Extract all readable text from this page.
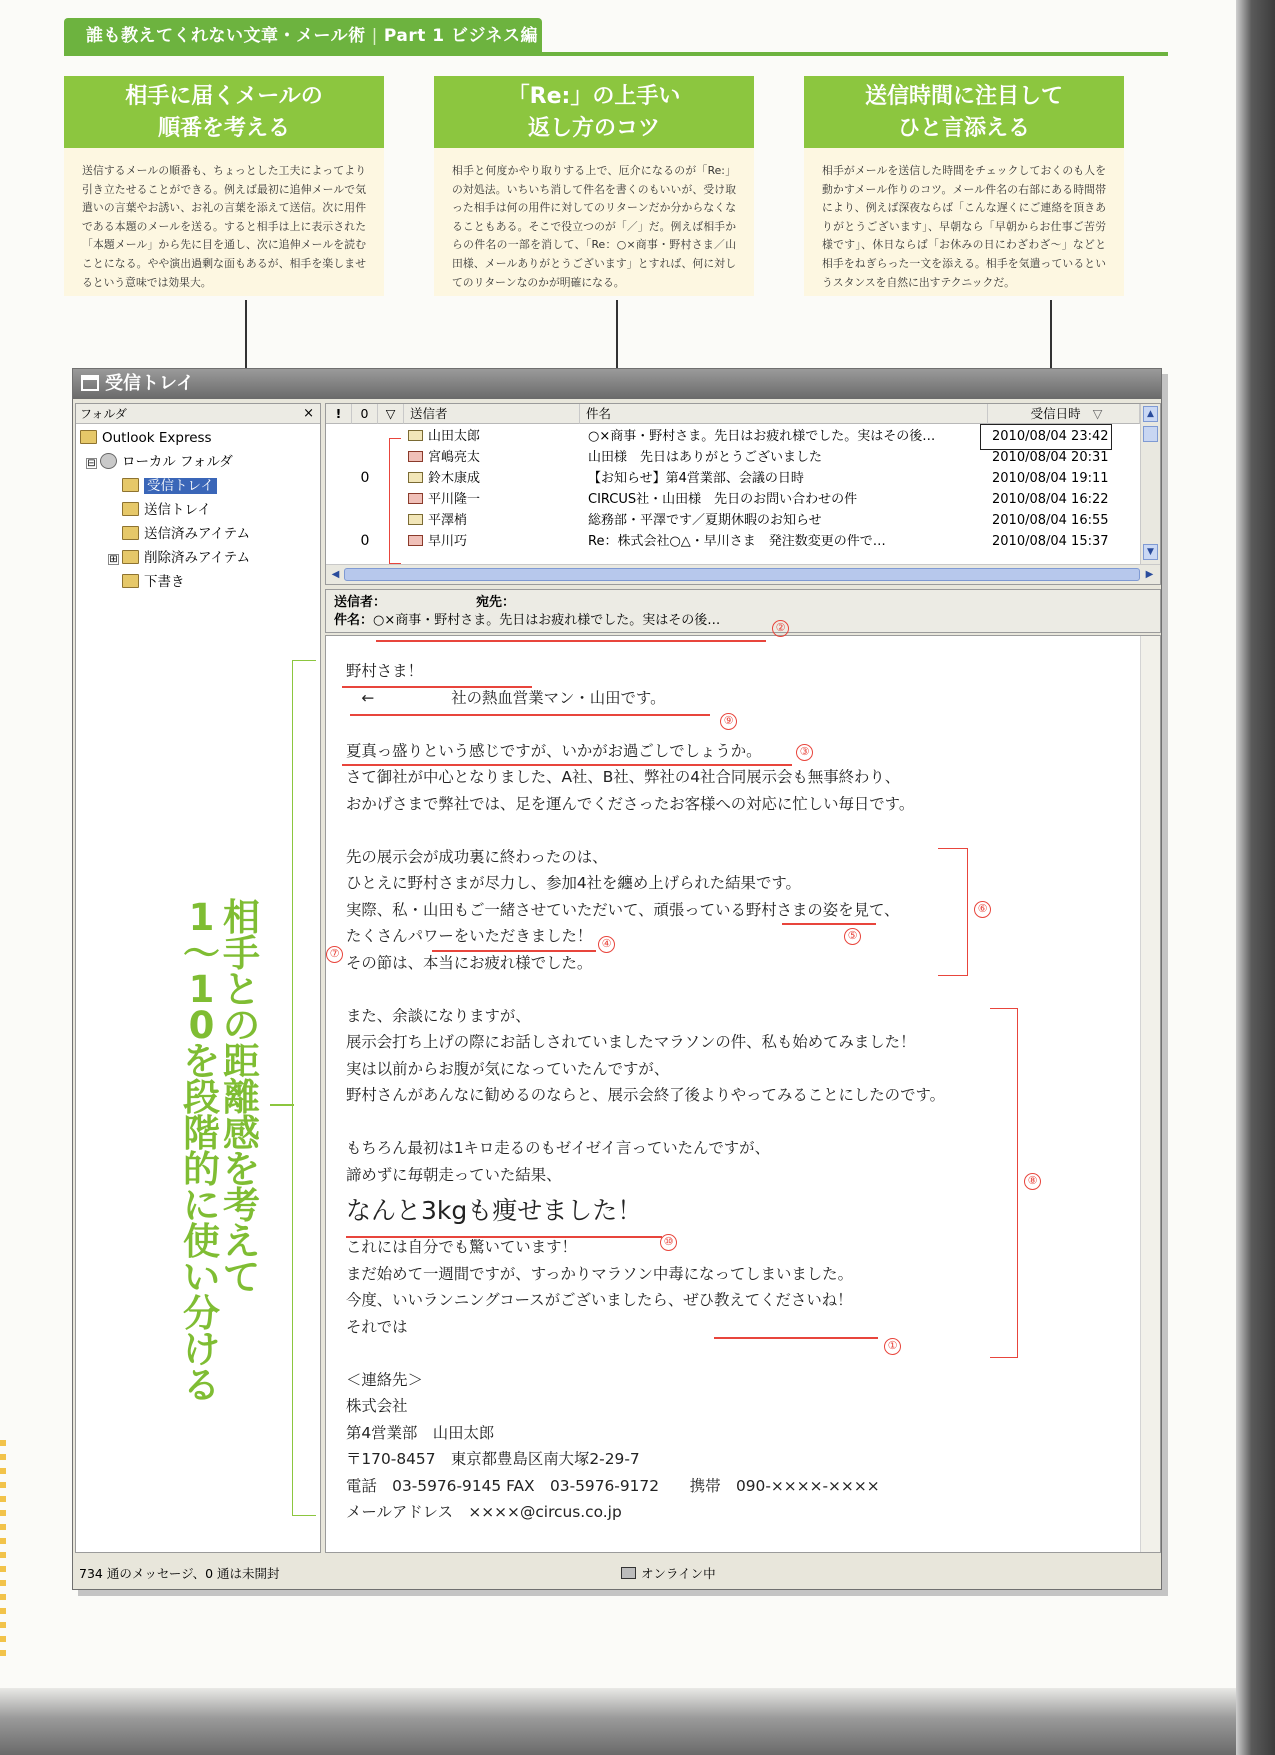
誰も教えてくれない文章・メール術 | Part 1 ビジネス編
相手に届くメールの
順番を考える
送信するメールの順番も、ちょっとした工夫によってより引き立たせることができる。例えば最初に追伸メールで気遣いの言葉やお誘い、お礼の言葉を添えて送信。次に用件である本題のメールを送る。すると相手は上に表示された「本題メール」から先に目を通し、次に追伸メールを読むことになる。やや演出過剰な面もあるが、相手を楽しませるという意味では効果大。
「Re:」の上手い
返し方のコツ
相手と何度かやり取りする上で、厄介になるのが「Re:」の対処法。いちいち消して件名を書くのもいいが、受け取った相手は何の用件に対してのリターンだか分からなくなることもある。そこで役立つのが「／」だ。例えば相手からの件名の一部を消して、「Re：○×商事・野村さま／山田様、メールありがとうございます」とすれば、何に対してのリターンなのかが明確になる。
送信時間に注目して
ひと言添える
相手がメールを送信した時間をチェックしておくのも人を動かすメール作りのコツ。メール件名の右部にある時間帯により、例えば深夜ならば「こんな遅くにご連絡を頂きありがとうございます」、早朝なら「早朝からお仕事ご苦労様です」、休日ならば「お休みの日にわざわざ～」などと相手をねぎらった一文を添える。相手を気遣っているというスタンスを自然に出すテクニックだ。
受信トレイ
フォルダ	×
Outlook Express
⊟	ローカル フォルダ
受信トレイ
送信トレイ
送信済みアイテム
⊞	削除済みアイテム
下書き
!	0	▽	送信者	件名	受信日時 ▽
山田太郎	○×商事・野村さま。先日はお疲れ様でした。実はその後…	2010/08/04 23:42
宮嶋亮太	山田様　先日はありがとうございました	2010/08/04 20:31
0	鈴木康成	【お知らせ】第4営業部、会議の日時	2010/08/04 19:11
平川隆一	CIRCUS社・山田様　先日のお問い合わせの件	2010/08/04 16:22
平澤梢	総務部・平澤です／夏期休暇のお知らせ	2010/08/04 16:55
0	早川巧	Re：株式会社○△・早川さま　発注数変更の件で…	2010/08/04 15:37
▲
▼
◀	▶
送信者：	宛先：
件名：○×商事・野村さま。先日はお疲れ様でした。実はその後…
野村さま！
　←　　　　　社の熱血営業マン・山田です。

夏真っ盛りという感じですが、いかがお過ごしでしょうか。
さて御社が中心となりました、A社、B社、弊社の4社合同展示会も無事終わり、
おかげさまで弊社では、足を運んでくださったお客様への対応に忙しい毎日です。

先の展示会が成功裏に終わったのは、
ひとえに野村さまが尽力し、参加4社を纏め上げられた結果です。
実際、私・山田もご一緒させていただいて、頑張っている野村さまの姿を見て、
たくさんパワーをいただきました！
その節は、本当にお疲れ様でした。

また、余談になりますが、
展示会打ち上げの際にお話しされていましたマラソンの件、私も始めてみました！
実は以前からお腹が気になっていたんですが、
野村さんがあんなに勧めるのならと、展示会終了後よりやってみることにしたのです。

もちろん最初は1キロ走るのもゼイゼイ言っていたんですが、
諦めずに毎朝走っていた結果、
なんと3kgも痩せました！
これには自分でも驚いています！
まだ始めて一週間ですが、すっかりマラソン中毒になってしまいました。
今度、いいランニングコースがございましたら、ぜひ教えてくださいね！
それでは

＜連絡先＞
株式会社
第4営業部　山田太郎
〒170-8457　東京都豊島区南大塚2-29-7
電話　03-5976-9145 FAX　03-5976-9172　　携帯　090-××××-××××
メールアドレス　××××@circus.co.jp
734 通のメッセージ、0 通は未開封	オンライン中
②
⑨
③
⑥
⑤
④
⑦
⑧
⑩
①
相
手
と
の
距
離
感
を
考
え
て
1
〜
1
0
を
段
階
的
に
使
い
分
け
る
